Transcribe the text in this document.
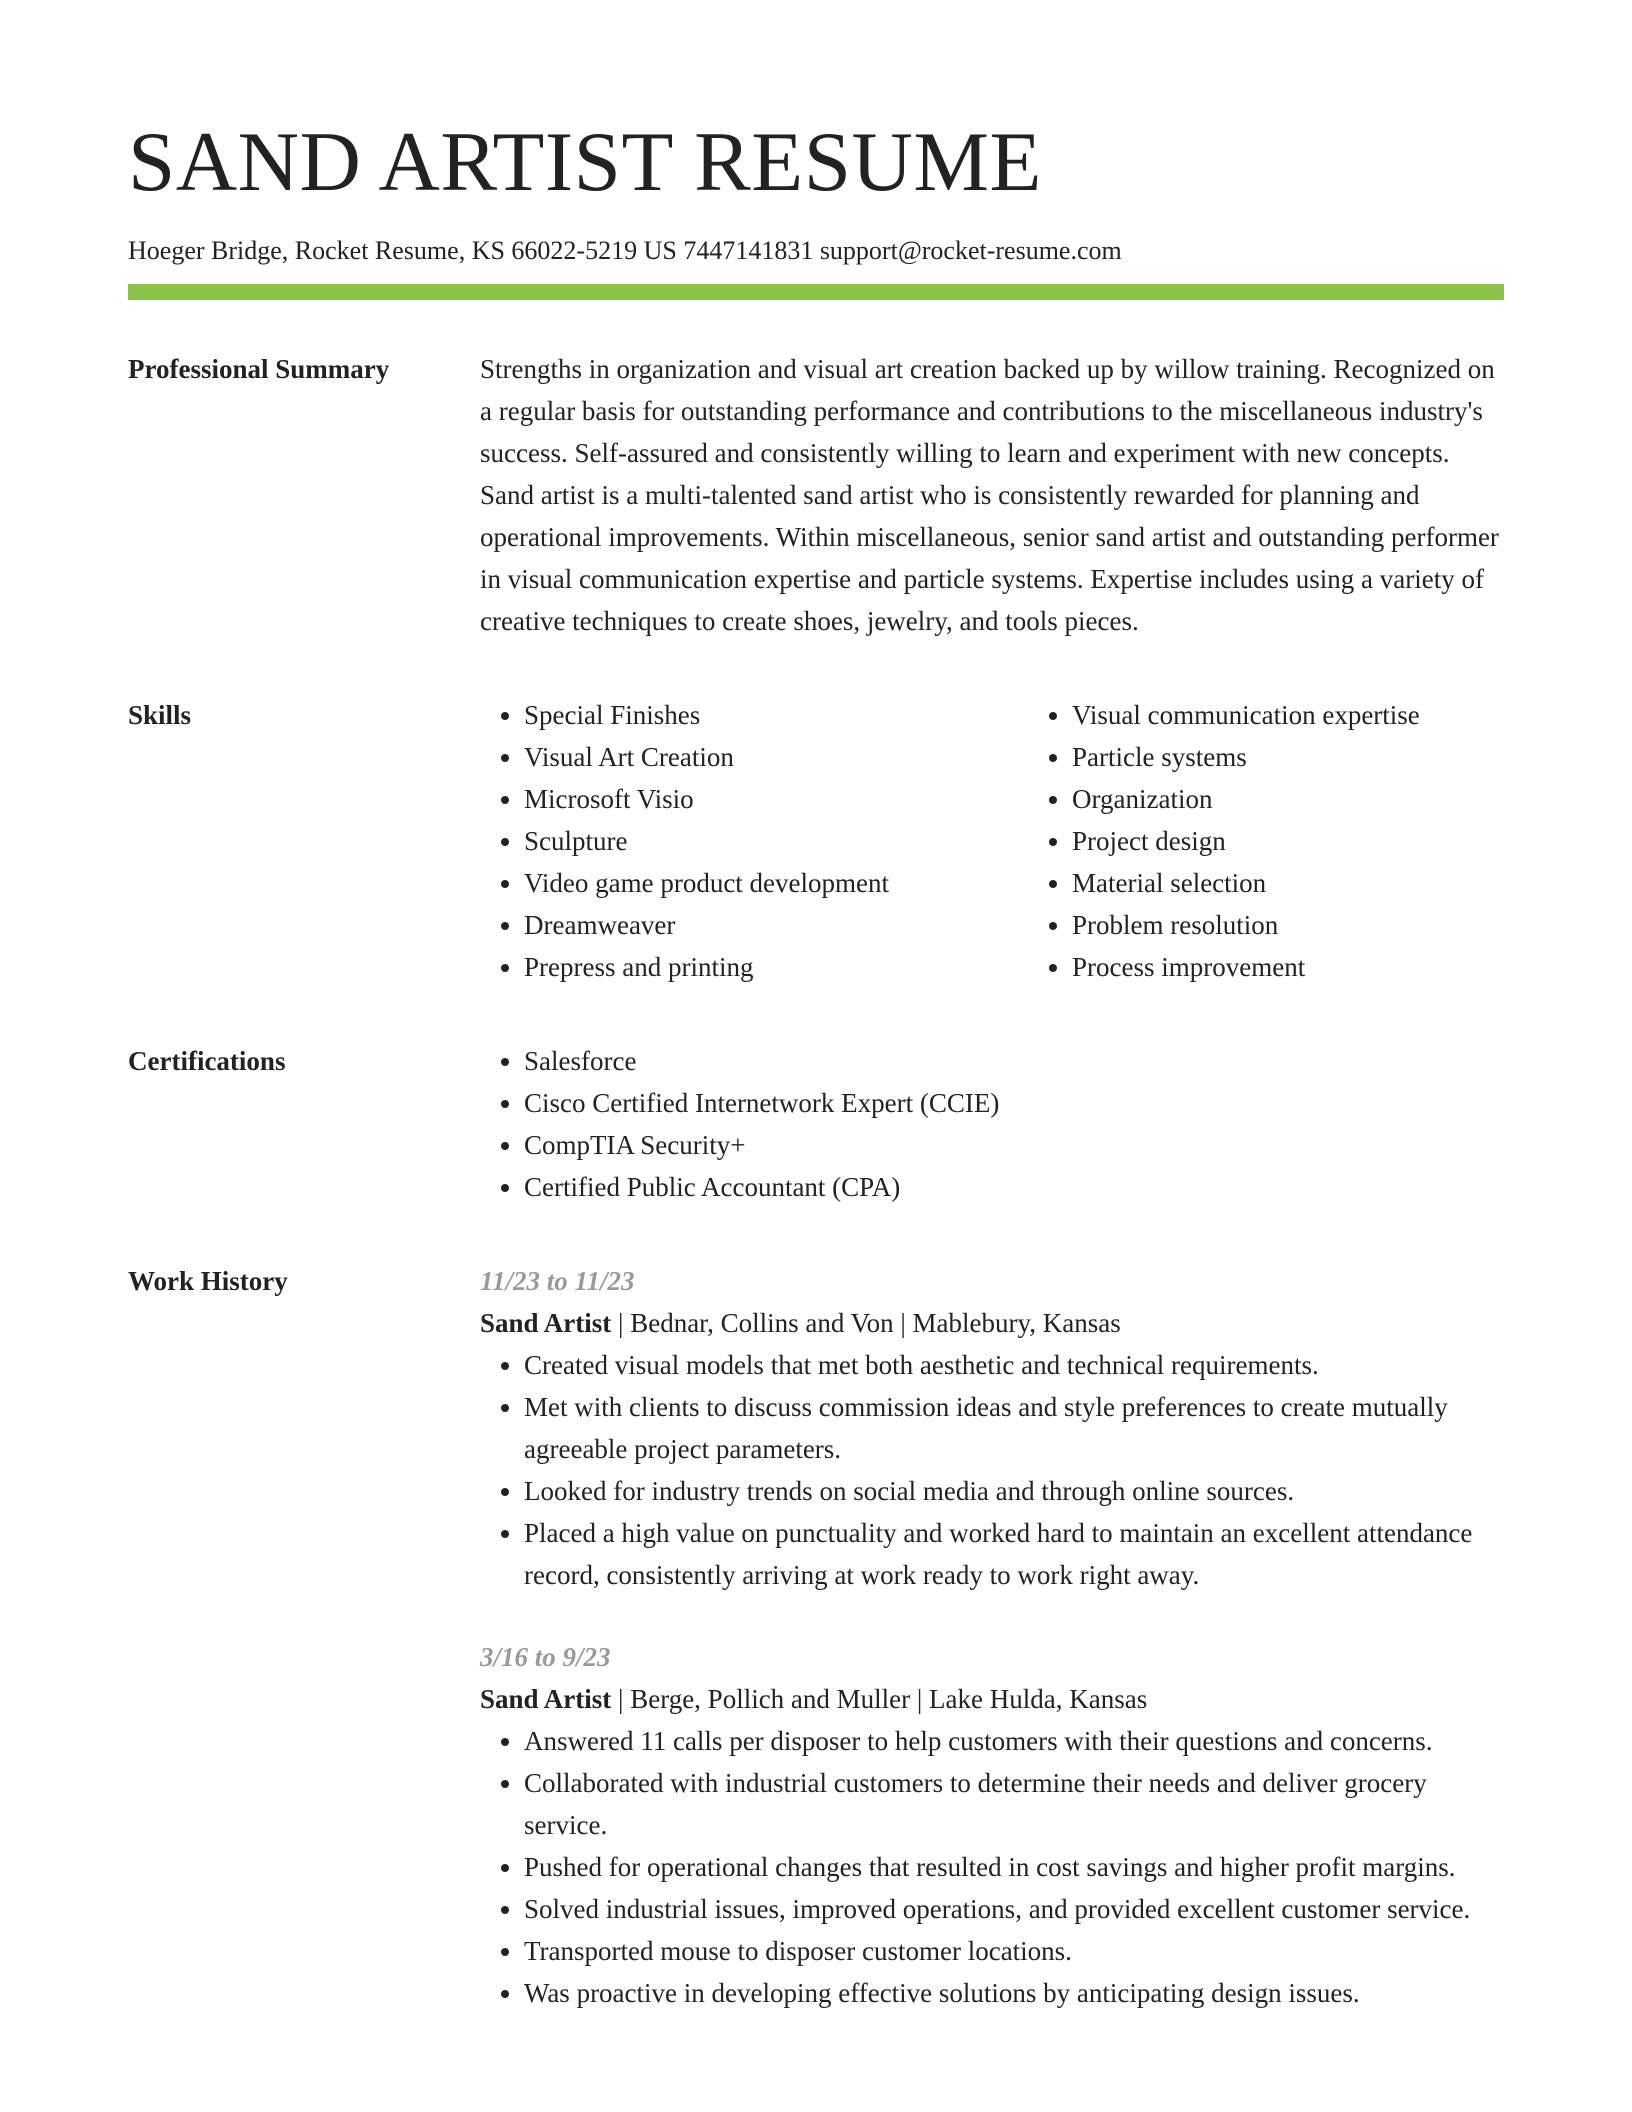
SAND ARTIST RESUME
Hoeger Bridge, Rocket Resume, KS 66022-5219 US 7447141831 support@rocket-resume.com
Professional Summary	Strengths in organization and visual art creation backed up by willow training. Recognized on a regular basis for outstanding performance and contributions to the miscellaneous industry's success. Self-assured and consistently willing to learn and experiment with new concepts. Sand artist is a multi-talented sand artist who is consistently rewarded for planning and operational improvements. Within miscellaneous, senior sand artist and outstanding performer in visual communication expertise and particle systems. Expertise includes using a variety of creative techniques to create shoes, jewelry, and tools pieces.

Skills	• Special Finishes
• Visual Art Creation
• Microsoft Visio
• Sculpture
• Video game product development
• Dreamweaver
• Prepress and printing
• Visual communication expertise
• Particle systems
• Organization
• Project design
• Material selection
• Problem resolution
• Process improvement
Certifications	• Salesforce
• Cisco Certified Internetwork Expert (CCIE)
• CompTIA Security+
• Certified Public Accountant (CPA)
Work History	11/23 to 11/23
Sand Artist | Bednar, Collins and Von | Mablebury, Kansas
• Created visual models that met both aesthetic and technical requirements.
• Met with clients to discuss commission ideas and style preferences to create mutually agreeable project parameters.
• Looked for industry trends on social media and through online sources.
• Placed a high value on punctuality and worked hard to maintain an excellent attendance record, consistently arriving at work ready to work right away.
3/16 to 9/23
Sand Artist | Berge, Pollich and Muller | Lake Hulda, Kansas
• Answered 11 calls per disposer to help customers with their questions and concerns.
• Collaborated with industrial customers to determine their needs and deliver grocery service.
• Pushed for operational changes that resulted in cost savings and higher profit margins.
• Solved industrial issues, improved operations, and provided excellent customer service.
• Transported mouse to disposer customer locations.
• Was proactive in developing effective solutions by anticipating design issues.
